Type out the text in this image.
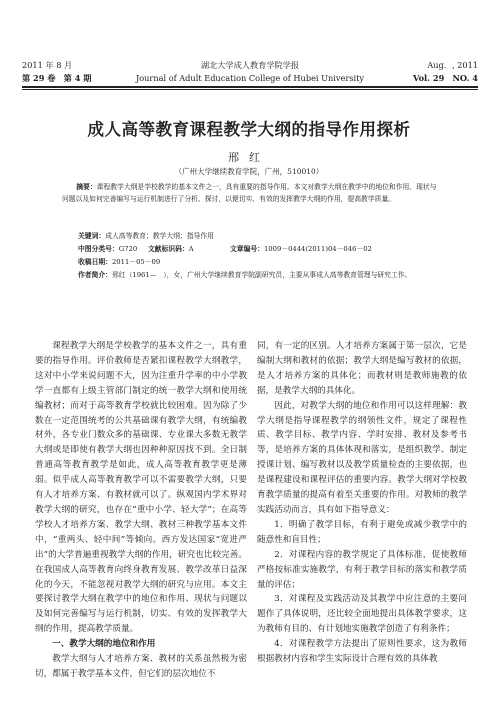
2011 年 8 月	湖北大学成人教育学院学报	Aug．, 2011
第 29 卷　第 4 期	Journal of Adult Education College of Hubei University	Vol. 29　NO. 4
成人高等教育课程教学大纲的指导作用探析
邢红
（广州大学继续教育学院，广州，510010）
摘要：课程教学大纲是学校教学的基本文件之一，具有重要的指导作用。本文对教学大纲在教学中的地位和作用、现状与问题以及如何完善编写与运行机制进行了分析、探讨，以便切实、有效的发挥教学大纲的作用，提高教学质量。
关键词：成人高等教育；教学大纲；指导作用
中图分类号：G720 文献标识码：A	文章编号：1009－0444(2011)04－046－02
收稿日期：2011－05－09
作者简介：邢红（1961—　），女，广州大学继续教育学院副研究员，主要从事成人高等教育管理与研究工作。

课程教学大纲是学校教学的基本文件之一，具有重要的指导作用。评价教师是否紧扣课程教学大纲教学，这对中小学来说问题不大，因为注重升学率的中小学教学一直都有上级主管部门制定的统一教学大纲和使用统编教材；而对于高等教育学校就比较困难。因为除了少数在一定范围统考的公共基础课有教学大纲，有统编教材外，各专业门数众多的基础课、专业课大多数无教学大纲或是即使有教学大纲也因种种原因找不到。全日制普通高等教育教学是如此，成人高等教育教学更是薄弱。似乎成人高等教育教学可以不需要教学大纲，只要有人才培养方案、有教材就可以了。纵观国内学术界对教学大纲的研究，也存在“重中小学、轻大学”；在高等学校人才培养方案、教学大纲、教材三种教学基本文件中，“重两头、轻中间”等倾向。西方发达国家“宽进严出”的大学普遍重视教学大纲的作用，研究也比较完善。在我国成人高等教育向终身教育发展、教学改革日益深化的今天，不能忽视对教学大纲的研究与应用。本文主要探讨教学大纲在教学中的地位和作用、现状与问题以及如何完善编写与运行机制，切实、有效的发挥教学大纲的作用，提高教学质量。

一、教学大纲的地位和作用

教学大纲与人才培养方案、教材的关系虽然极为密切，都属于教学基本文件，但它们的层次地位不

同，有一定的区别。人才培养方案属于第一层次，它是编制大纲和教材的依据；教学大纲是编写教材的依据，是人才培养方案的具体化；而教材则是教师施教的依据，是教学大纲的具体化。

因此，对教学大纲的地位和作用可以这样理解：教学大纲是指导课程教学的纲领性文件，规定了课程性质、教学目标、教学内容、学时安排、教材及参考书等，是培养方案的具体体现和落实，是组织教学、制定授课计划、编写教材以及教学质量检查的主要依据，也是课程建设和课程评估的重要内容。教学大纲对学校教育教学质量的提高有着至关重要的作用。对教师的教学实践活动而言，具有如下指导意义：

1．明确了教学目标，有利于避免或减少教学中的随意性和盲目性；

2．对课程内容的教学规定了具体标准，促使教师严格按标准实施教学，有利于教学目标的落实和教学质量的评估；

3．对课程及实践活动及其教学中应注意的主要问题作了具体说明，还比较全面地提出具体教学要求，这为教师有目的、有计划地实施教学创造了有利条件；

4．对课程教学方法提出了原则性要求，这为教师根据教材内容和学生实际设计合理有效的具体教
